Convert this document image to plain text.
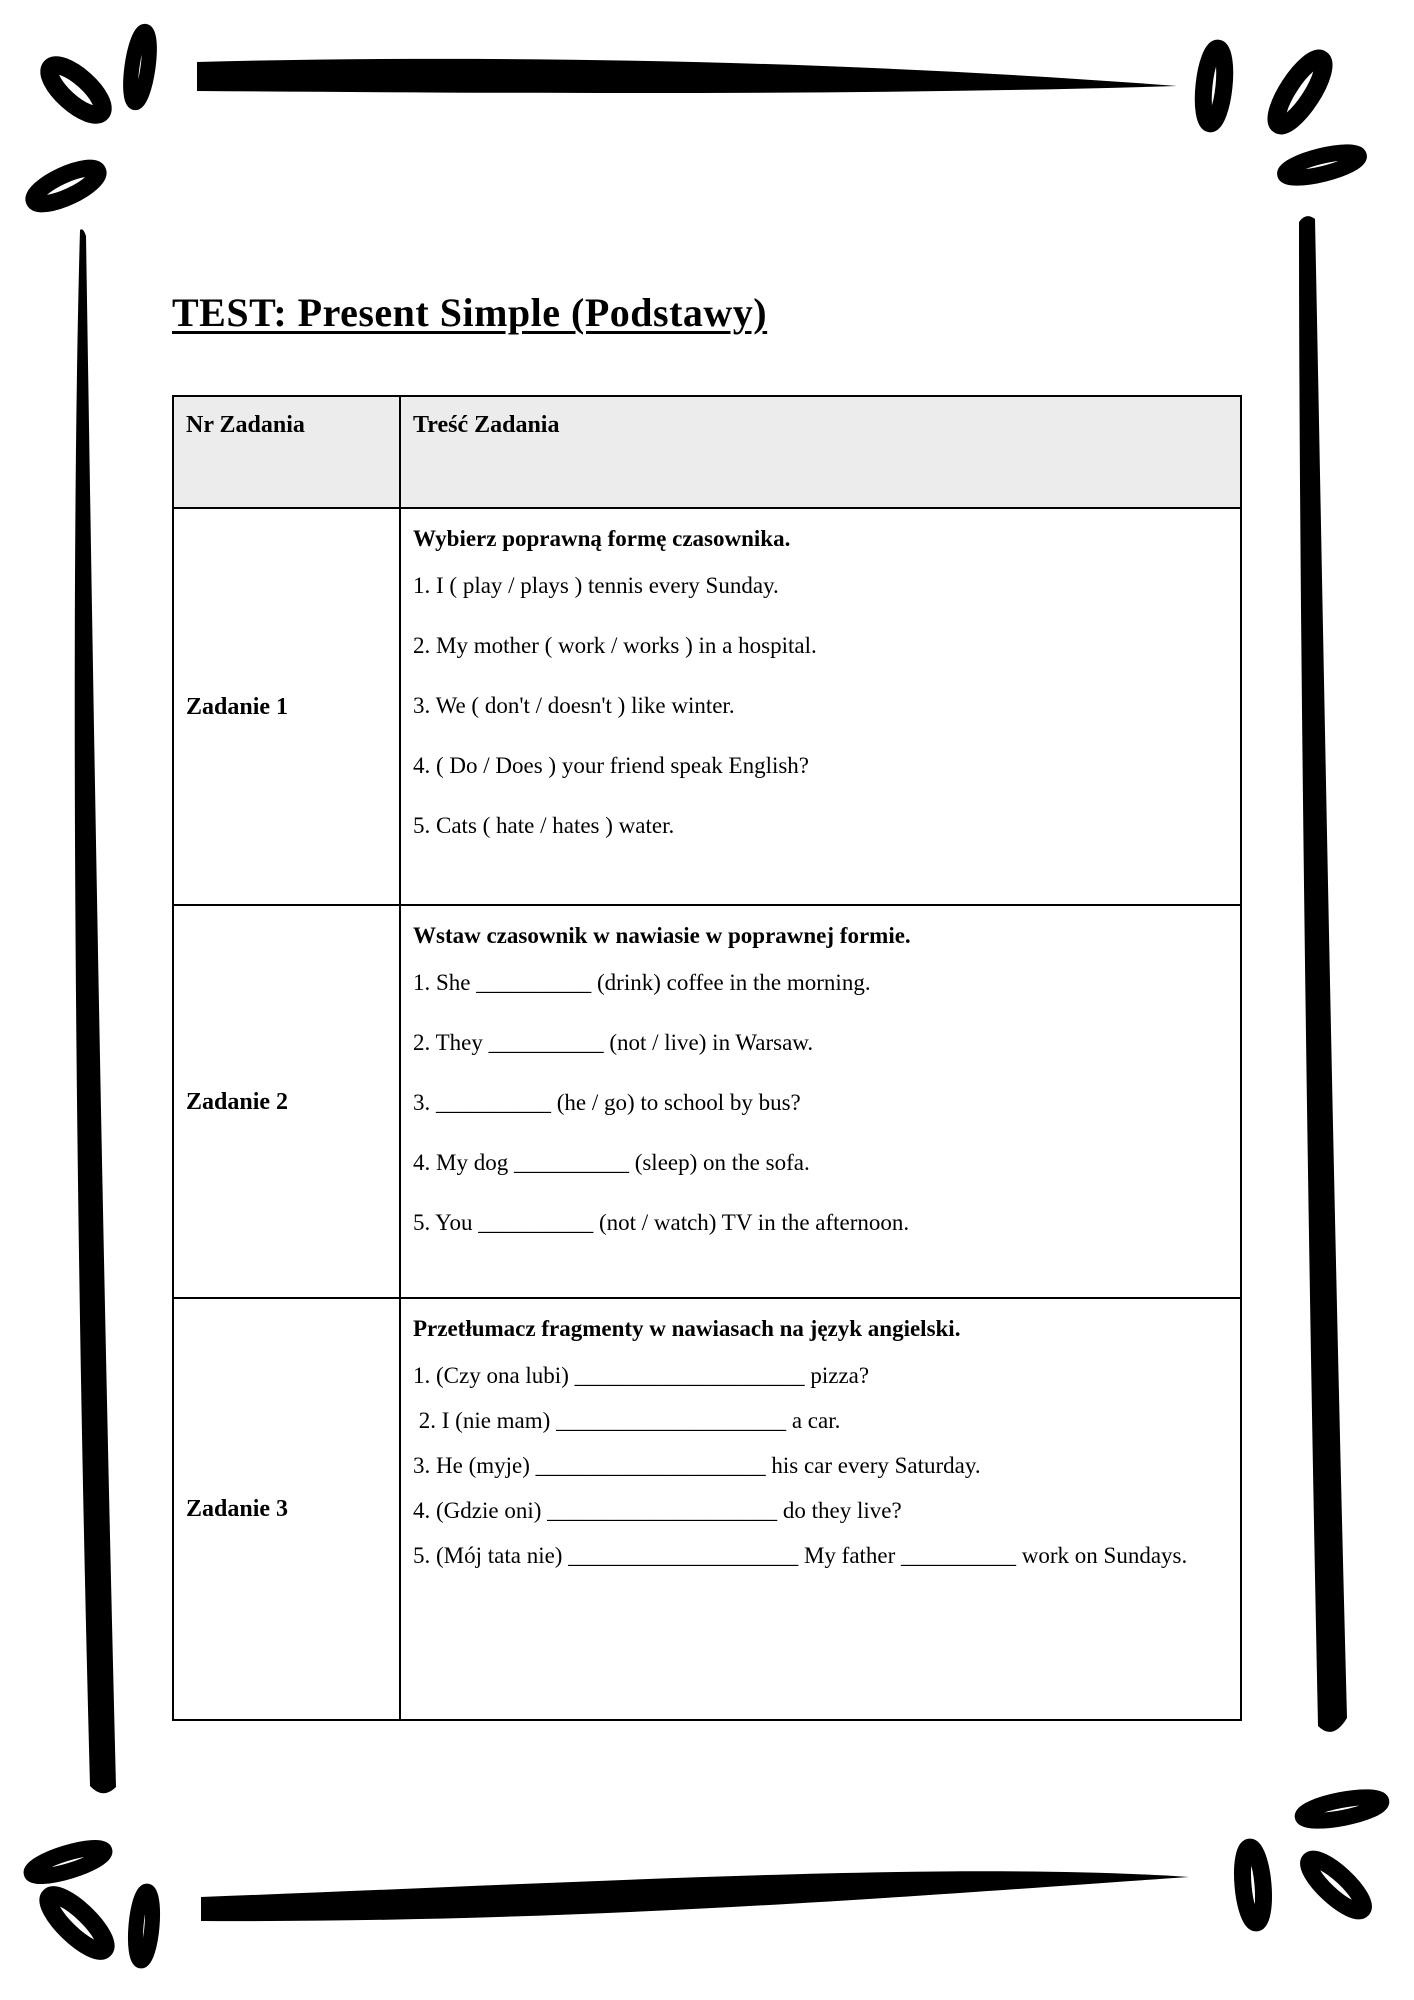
TEST: Present Simple (Podstawy)
Nr Zadania	Treść Zadania
Zadanie 1

Wybierz poprawną formę czasownika.

1. I ( play / plays ) tennis every Sunday.

2. My mother ( work / works ) in a hospital.

3. We ( don't / doesn't ) like winter.

4. ( Do / Does ) your friend speak English?

5. Cats ( hate / hates ) water.

Zadanie 2

Wstaw czasownik w nawiasie w poprawnej formie.

1. She __________ (drink) coffee in the morning.

2. They __________ (not / live) in Warsaw.

3. __________ (he / go) to school by bus?

4. My dog __________ (sleep) on the sofa.

5. You __________ (not / watch) TV in the afternoon.

Zadanie 3

Przetłumacz fragmenty w nawiasach na język angielski.

1. (Czy ona lubi) ____________________ pizza?

2. I (nie mam) ____________________ a car.

3. He (myje) ____________________ his car every Saturday.

4. (Gdzie oni) ____________________ do they live?

5. (Mój tata nie) ____________________ My father __________ work on Sundays.
